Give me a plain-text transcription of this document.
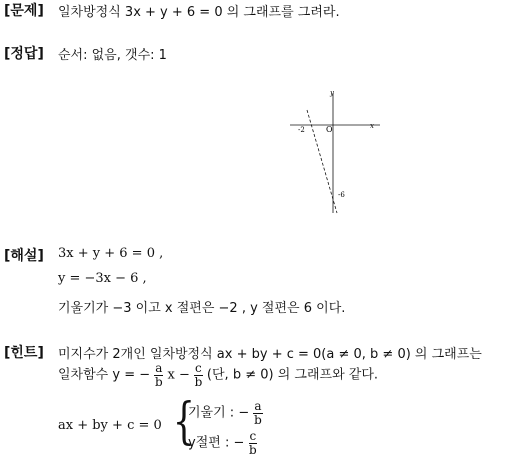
[문제] 일차방정식 3x + y + 6 = 0 의 그래프를 그려라.
[정답] 순서: 없음, 갯수: 1
y
x
O
-2
-6
[해설] 3x + y + 6 = 0 ,
y = −3x − 6 ,
기울기가 −3 이고 x 절편은 −2 , y 절편은 6 이다.
[힌트] 미지수가 2개인 일차방정식 ax + by + c = 0(a ≠ 0, b ≠ 0) 의 그래프는
일차함수 y = − $\frac{a}{b}$ $x - \frac{c}{b}$ (단, b ≠ 0) 의 그래프와 같다.
ax + by + c = 0 {
기울기 : − $\frac{a}{b}$
y절편 : − $\frac{c}{b}$
